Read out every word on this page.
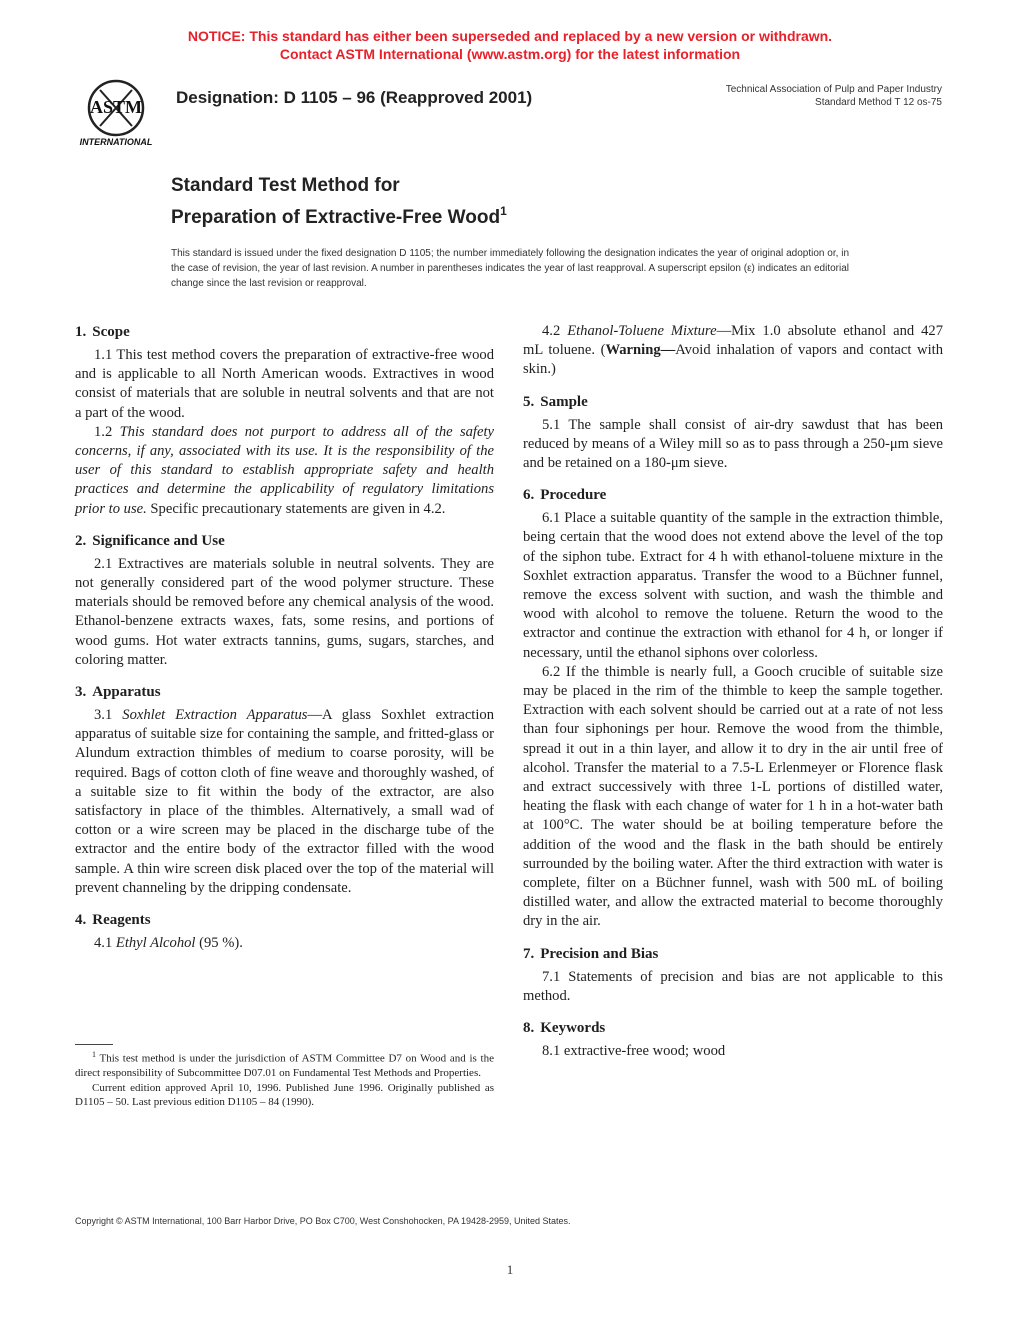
NOTICE: This standard has either been superseded and replaced by a new version or withdrawn.
Contact ASTM International (www.astm.org) for the latest information
ASTM
INTERNATIONAL
Designation: D 1105 – 96 (Reapproved 2001)	Technical Association of Pulp and Paper Industry
Standard Method T 12 os-75
Standard Test Method for
Preparation of Extractive-Free Wood$^1$
This standard is issued under the fixed designation D 1105; the number immediately following the designation indicates the year of original adoption or, in the case of revision, the year of last revision. A number in parentheses indicates the year of last reapproval. A superscript epsilon (ε) indicates an editorial change since the last revision or reapproval.
1. Scope

1.1 This test method covers the preparation of extractive-free wood and is applicable to all North American woods. Extractives in wood consist of materials that are soluble in neutral solvents and that are not a part of the wood.

1.2 This standard does not purport to address all of the safety concerns, if any, associated with its use. It is the responsibility of the user of this standard to establish appropriate safety and health practices and determine the applicability of regulatory limitations prior to use. Specific precautionary statements are given in 4.2.

2. Significance and Use

2.1 Extractives are materials soluble in neutral solvents. They are not generally considered part of the wood polymer structure. These materials should be removed before any chemical analysis of the wood. Ethanol-benzene extracts waxes, fats, some resins, and portions of wood gums. Hot water extracts tannins, gums, sugars, starches, and coloring matter.

3. Apparatus

3.1 Soxhlet Extraction Apparatus—A glass Soxhlet extraction apparatus of suitable size for containing the sample, and fritted-glass or Alundum extraction thimbles of medium to coarse porosity, will be required. Bags of cotton cloth of fine weave and thoroughly washed, of a suitable size to fit within the body of the extractor, are also satisfactory in place of the thimbles. Alternatively, a small wad of cotton or a wire screen may be placed in the discharge tube of the extractor and the entire body of the extractor filled with the wood sample. A thin wire screen disk placed over the top of the material will prevent channeling by the dripping condensate.

4. Reagents

4.1 Ethyl Alcohol (95 %).

$^1$ This test method is under the jurisdiction of ASTM Committee D7 on Wood and is the direct responsibility of Subcommittee D07.01 on Fundamental Test Methods and Properties.

Current edition approved April 10, 1996. Published June 1996. Originally published as D1105 – 50. Last previous edition D1105 – 84 (1990).

4.2 Ethanol-Toluene Mixture—Mix 1.0 absolute ethanol and 427 mL toluene. (Warning—Avoid inhalation of vapors and contact with skin.)

5. Sample

5.1 The sample shall consist of air-dry sawdust that has been reduced by means of a Wiley mill so as to pass through a 250-μm sieve and be retained on a 180-μm sieve.

6. Procedure

6.1 Place a suitable quantity of the sample in the extraction thimble, being certain that the wood does not extend above the level of the top of the siphon tube. Extract for 4 h with ethanol-toluene mixture in the Soxhlet extraction apparatus. Transfer the wood to a Büchner funnel, remove the excess solvent with suction, and wash the thimble and wood with alcohol to remove the toluene. Return the wood to the extractor and continue the extraction with ethanol for 4 h, or longer if necessary, until the ethanol siphons over colorless.

6.2 If the thimble is nearly full, a Gooch crucible of suitable size may be placed in the rim of the thimble to keep the sample together. Extraction with each solvent should be carried out at a rate of not less than four siphonings per hour. Remove the wood from the thimble, spread it out in a thin layer, and allow it to dry in the air until free of alcohol. Transfer the material to a 7.5-L Erlenmeyer or Florence flask and extract successively with three 1-L portions of distilled water, heating the flask with each change of water for 1 h in a hot-water bath at 100°C. The water should be at boiling temperature before the addition of the wood and the flask in the bath should be entirely surrounded by the boiling water. After the third extraction with water is complete, filter on a Büchner funnel, wash with 500 mL of boiling distilled water, and allow the extracted material to become thoroughly dry in the air.

7. Precision and Bias

7.1 Statements of precision and bias are not applicable to this method.

8. Keywords

8.1 extractive-free wood; wood

Copyright © ASTM International, 100 Barr Harbor Drive, PO Box C700, West Conshohocken, PA 19428-2959, United States.
1
